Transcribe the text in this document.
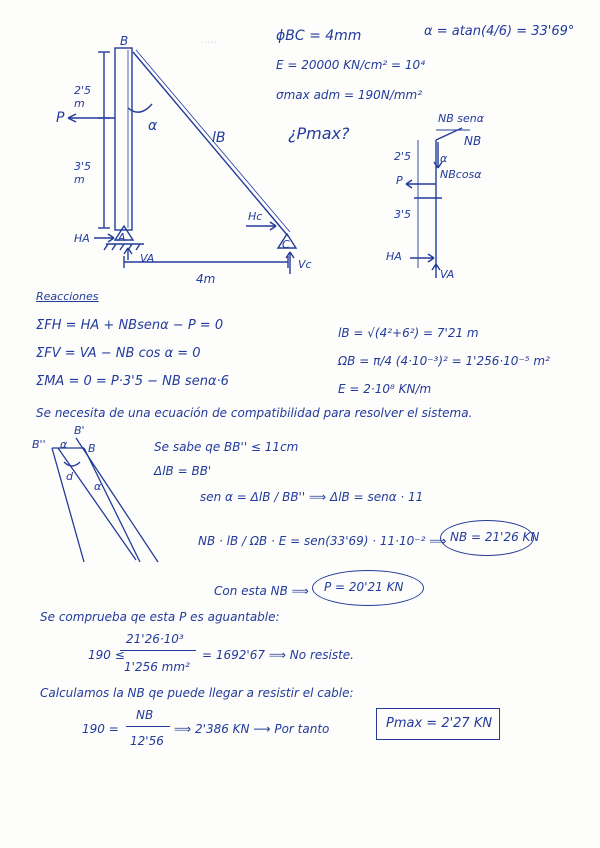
·····	ϕBC = 4mm
E = 20000 KN/cm² = 10⁴
σmax adm = 190N/mm²
¿Pmax?
α = atan(4/6) = 33'69°
B
A
C
P
2'5 m
3'5 m
lB
α
Hc
HA
VA	Vc
4m
NB senα
NB
α
NBcosα
P
2'5
3'5
HA
VA
Reacciones
ΣFH = HA + NBsenα − P = 0
ΣFV = VA − NB cos α = 0
ΣMA = 0 = P·3'5 − NB senα·6
lB = √(4²+6²) = 7'21 m
ΩB = π/4 (4·10⁻³)² = 1'256·10⁻⁵ m²
E = 2·10⁸ KN/m
Se necesita de una ecuación de compatibilidad para resolver el sistema.
B''
B'
B
d
α
α
Se sabe qe BB'' ≤ 11cm
ΔlB = BB'
sen α = ΔlB / BB'' ⟹ ΔlB = senα · 11
NB · lB / ΩB · E = sen(33'69) · 11·10⁻² ⟹ NB = 21'26 KN
Con esta NB ⟹ P = 20'21 KN
Se comprueba qe esta P es aguantable:
190 ≤
21'26·10³
1'256 mm²
= 1692'67 ⟹ No resiste.
Calculamos la NB qe puede llegar a resistir el cable:
190 =
NB
12'56
⟹ 2'386 KN ⟶ Por tanto	Pmax = 2'27 KN
